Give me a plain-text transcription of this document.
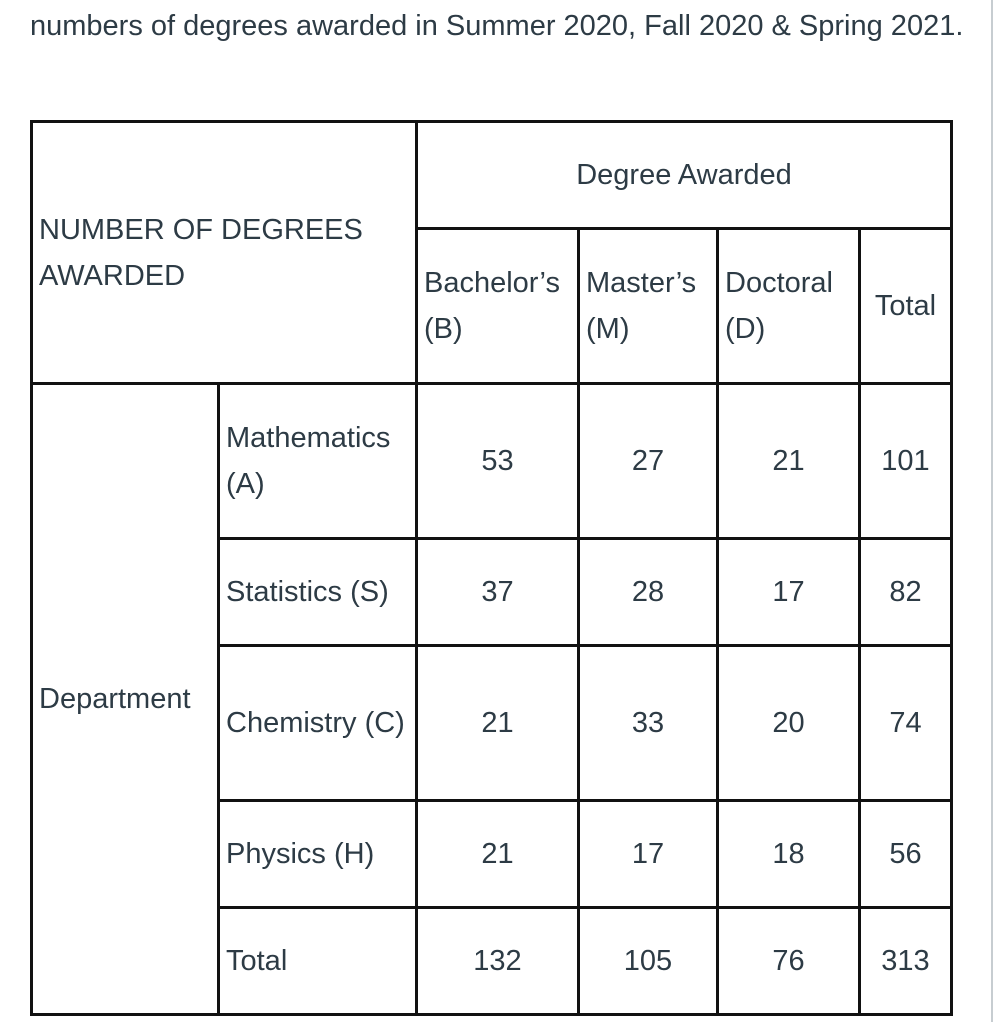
numbers of degrees awarded in Summer 2020, Fall 2020 & Spring 2021.
NUMBER OF DEGREES AWARDED		Degree Awarded			
		Bachelor’s (B)	Master’s (M)	Doctoral (D)	Total
Department	Mathematics (A)	53	27	21	101
	Statistics (S)	37	28	17	82
	Chemistry (C)	21	33	20	74
	Physics (H)	21	17	18	56
	Total	132	105	76	313
